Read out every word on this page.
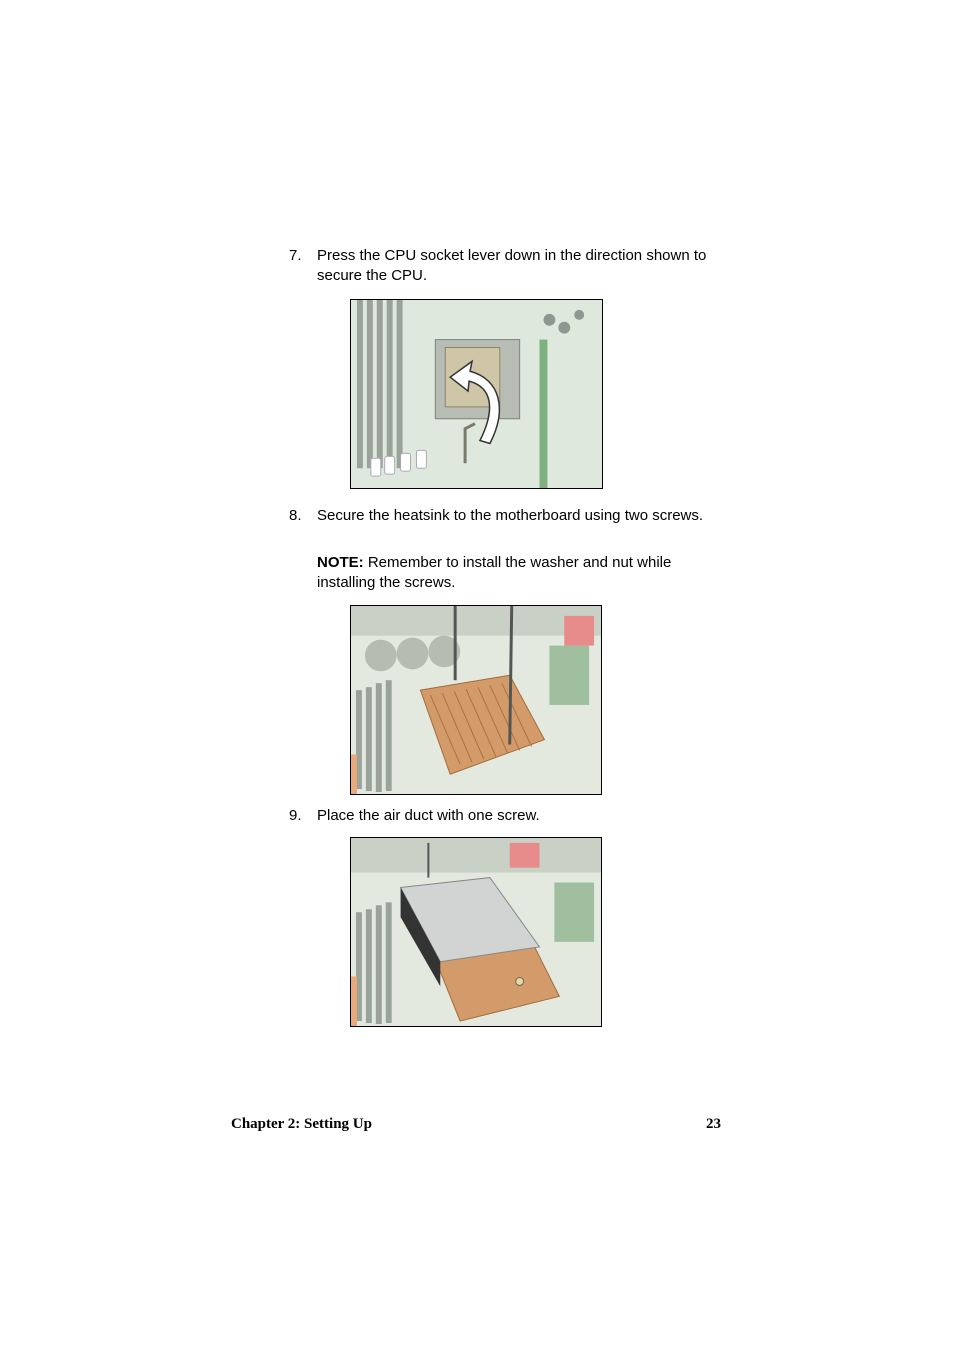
7. Press the CPU socket lever down in the direction shown to secure the CPU.
8. Secure the heatsink to the motherboard using two screws.
NOTE: Remember to install the washer and nut while installing the screws.
9. Place the air duct with one screw.
Chapter 2: Setting Up	23
